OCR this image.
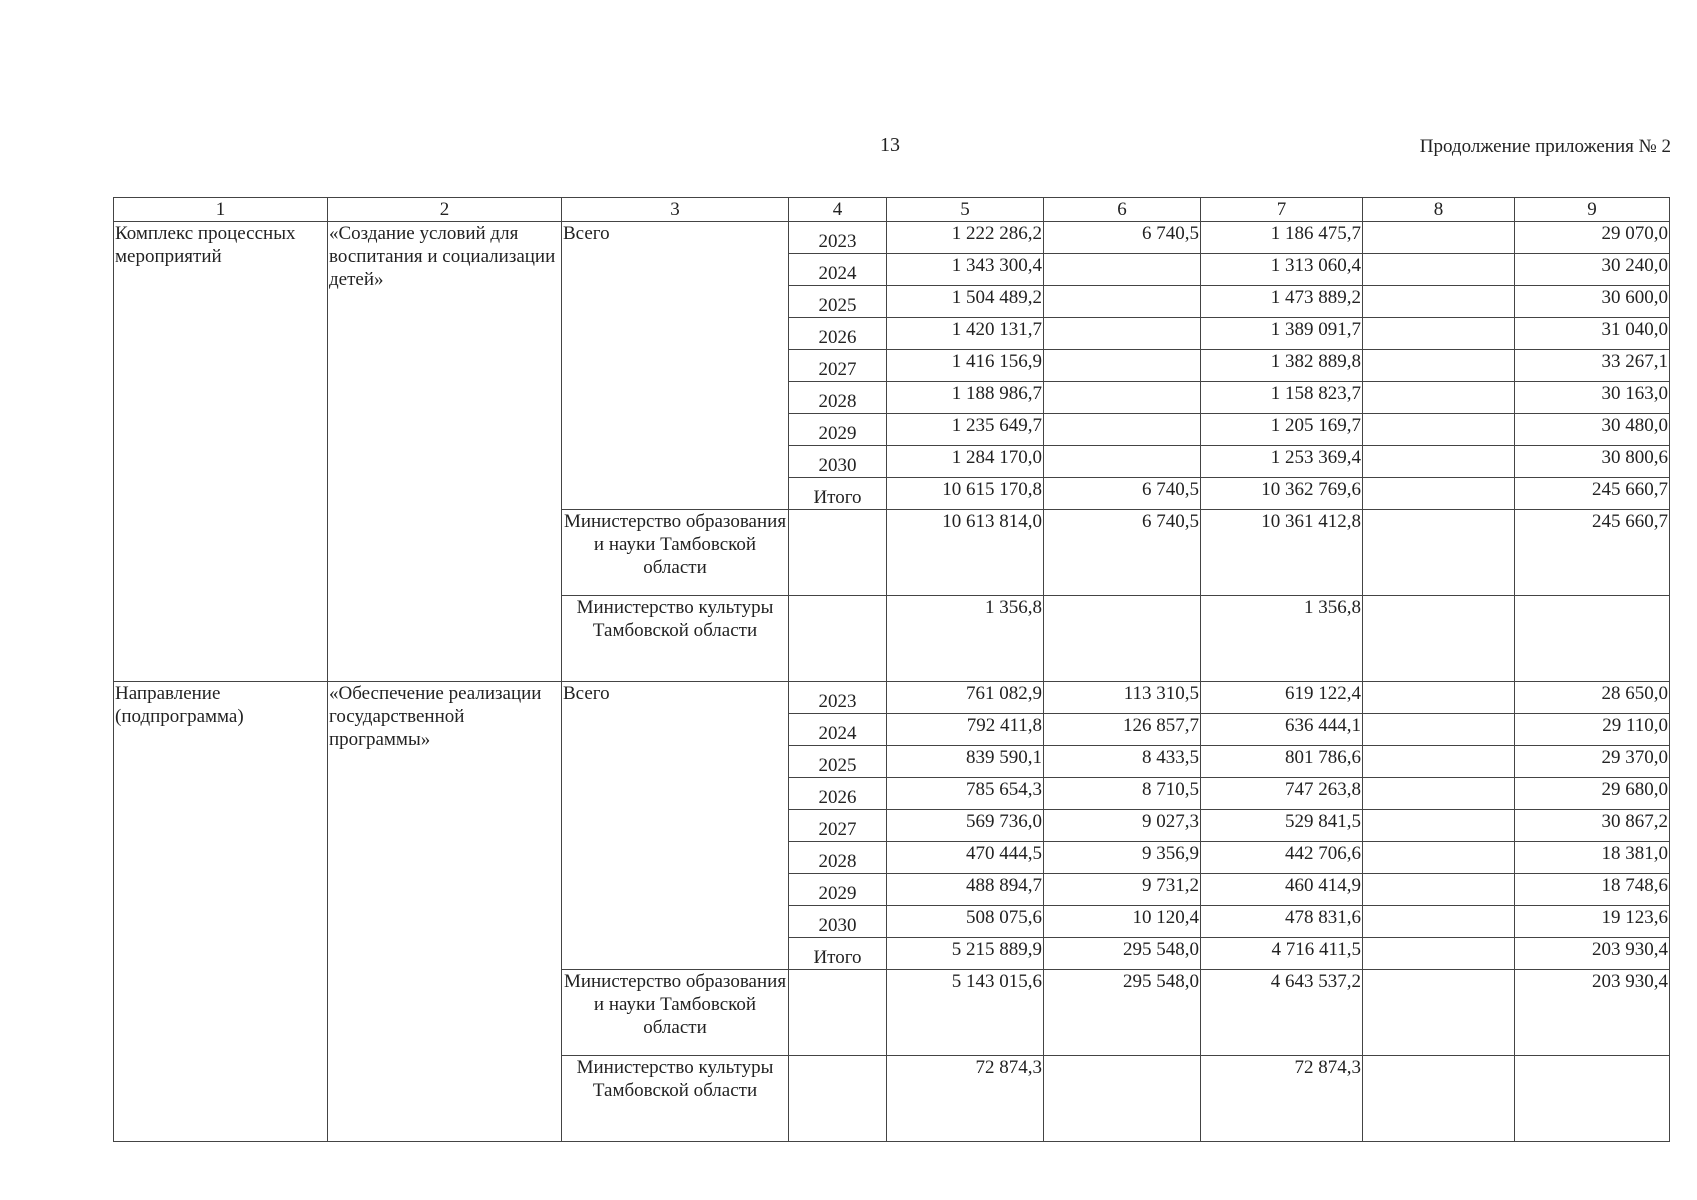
13	Продолжение приложения № 2
1	2	3	4	5	6	7	8	9
Комплекс процессных мероприятий	«Создание условий для воспитания и социализации детей»	Всего	2023	1 222 286,2	6 740,5	1 186 475,7		29 070,0
			2024	1 343 300,4		1 313 060,4		30 240,0
			2025	1 504 489,2		1 473 889,2		30 600,0
			2026	1 420 131,7		1 389 091,7		31 040,0
			2027	1 416 156,9		1 382 889,8		33 267,1
			2028	1 188 986,7		1 158 823,7		30 163,0
			2029	1 235 649,7		1 205 169,7		30 480,0
			2030	1 284 170,0		1 253 369,4		30 800,6
			Итого	10 615 170,8	6 740,5	10 362 769,6		245 660,7
		Министерство образования и науки Тамбовской области		10 613 814,0	6 740,5	10 361 412,8		245 660,7
		Министерство культуры Тамбовской области		1 356,8		1 356,8		
Направление (подпрограмма)	«Обеспечение реализации государственной программы»	Всего	2023	761 082,9	113 310,5	619 122,4		28 650,0
			2024	792 411,8	126 857,7	636 444,1		29 110,0
			2025	839 590,1	8 433,5	801 786,6		29 370,0
			2026	785 654,3	8 710,5	747 263,8		29 680,0
			2027	569 736,0	9 027,3	529 841,5		30 867,2
			2028	470 444,5	9 356,9	442 706,6		18 381,0
			2029	488 894,7	9 731,2	460 414,9		18 748,6
			2030	508 075,6	10 120,4	478 831,6		19 123,6
			Итого	5 215 889,9	295 548,0	4 716 411,5		203 930,4
		Министерство образования и науки Тамбовской области		5 143 015,6	295 548,0	4 643 537,2		203 930,4
		Министерство культуры Тамбовской области		72 874,3		72 874,3		
